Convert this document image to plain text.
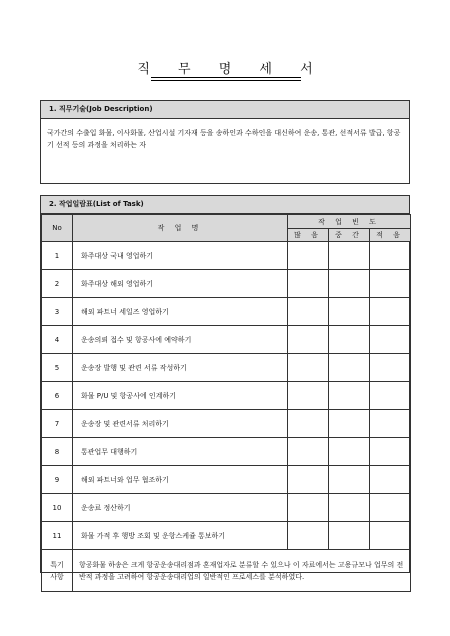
직 무 명 세 서
1. 직무기술(Job Description)
국가간의 수출입 화물, 이사화물, 산업시설 기자재 등을 송하인과 수하인을 대신하여 운송, 통관, 선적서류 발급, 항공기 선적 등의 과정을 처리하는 자
2. 작업일람표(List of Task)
No	작 업 명	작 업 빈 도		
		많 음	중 간	적 음
1	화주대상 국내 영업하기			
2	화주대상 해외 영업하기			
3	해외 파트너 세일즈 영업하기			
4	운송의뢰 접수 및 항공사에 예약하기			
5	운송장 발행 및 관련 서류 작성하기			
6	화물 P/U 및 항공사에 인계하기			
7	운송장 및 관련서류 처리하기			
8	통관업무 대행하기			
9	해외 파트너와 업무 협조하기			
10	운송료 정산하기			
11	화물 가적 후 행방 조회 및 운항스케쥴 통보하기			
특기
사항	항공화물 하송은 크게 항공운송대리점과 혼재업자로 분류할 수 있으나 이 자료에서는 고용규모나 업무의 전반적 과정을 고려하여 항공운송대리업의 일반적인 프로세스를 분석하였다.			
